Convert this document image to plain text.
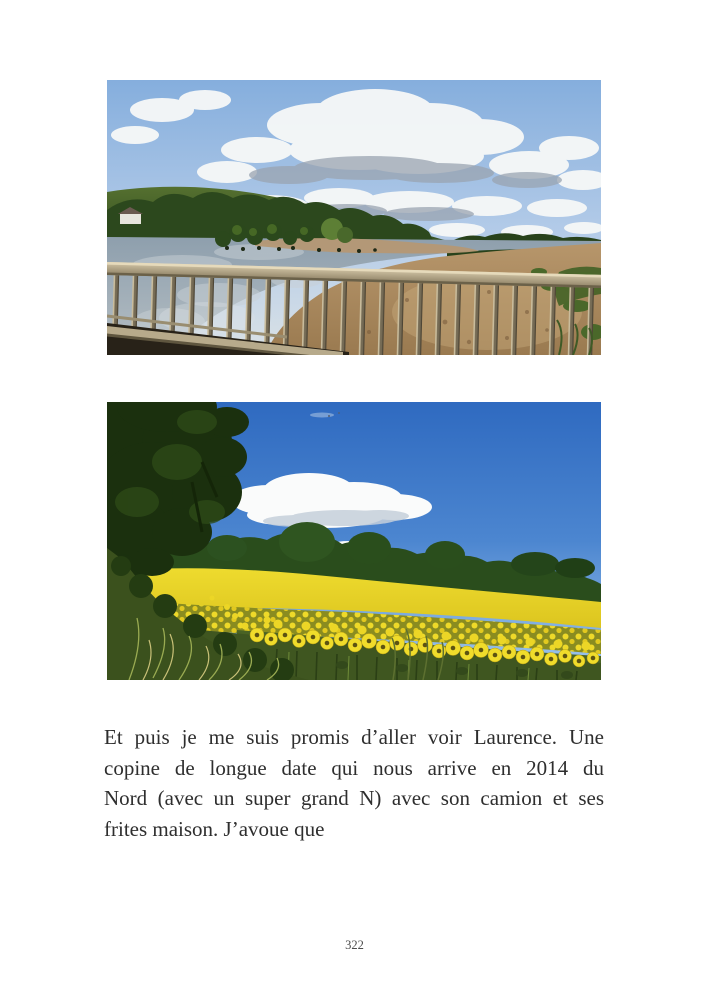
Et puis je me suis promis d’aller voir Laurence. Une
copine de longue date qui nous arrive en 2014 du
Nord (avec un super grand N) avec son camion et ses
frites maison. J’avoue que
322
